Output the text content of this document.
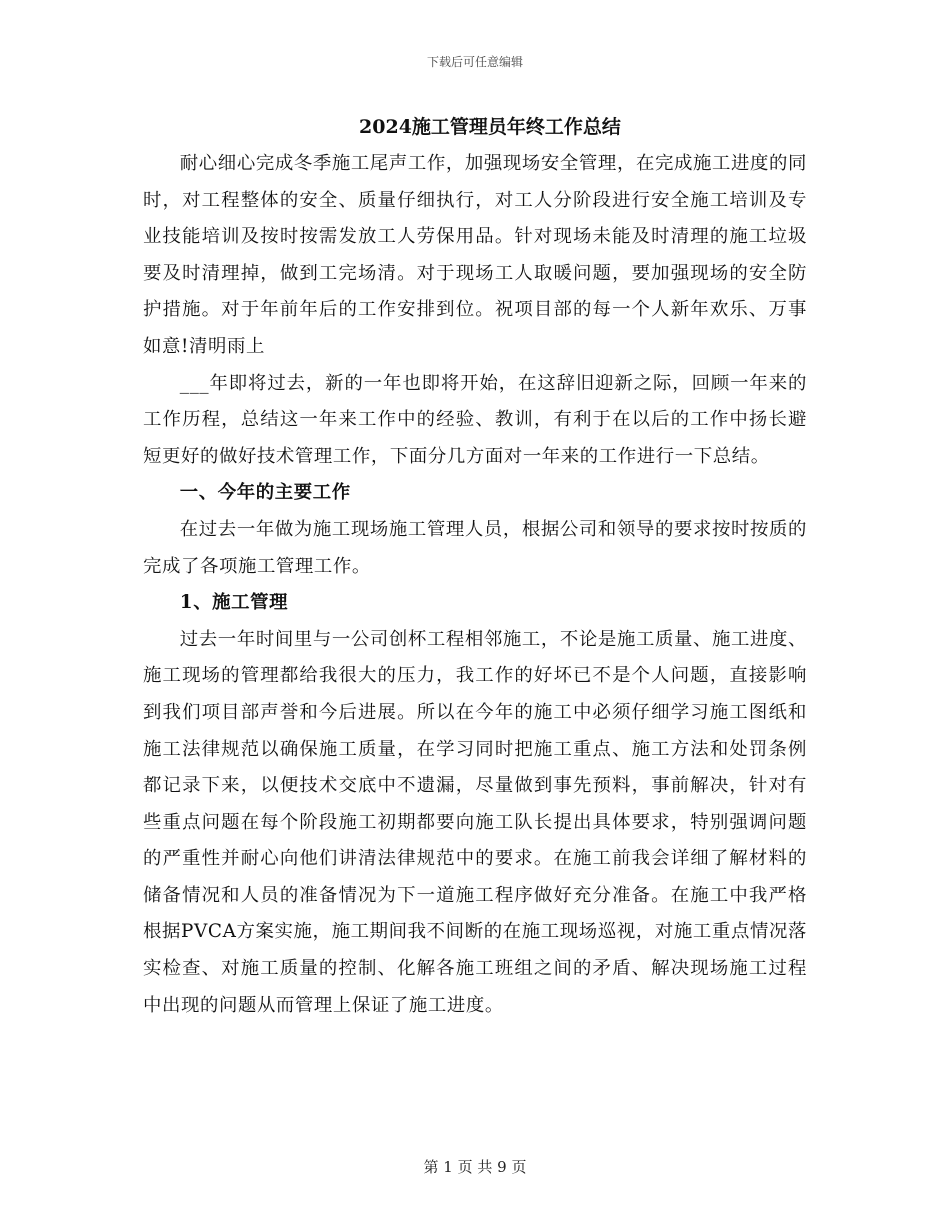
下载后可任意编辑
2024施工管理员年终工作总结

耐心细心完成冬季施工尾声工作，加强现场安全管理，在完成施工进度的同时，对工程整体的安全、质量仔细执行，对工人分阶段进行安全施工培训及专业技能培训及按时按需发放工人劳保用品。针对现场未能及时清理的施工垃圾要及时清理掉，做到工完场清。对于现场工人取暖问题，要加强现场的安全防护措施。对于年前年后的工作安排到位。祝项目部的每一个人新年欢乐、万事如意!清明雨上

___年即将过去，新的一年也即将开始，在这辞旧迎新之际，回顾一年来的工作历程，总结这一年来工作中的经验、教训，有利于在以后的工作中扬长避短更好的做好技术管理工作，下面分几方面对一年来的工作进行一下总结。

一、今年的主要工作

在过去一年做为施工现场施工管理人员，根据公司和领导的要求按时按质的完成了各项施工管理工作。

1、施工管理

过去一年时间里与一公司创杯工程相邻施工，不论是施工质量、施工进度、施工现场的管理都给我很大的压力，我工作的好坏已不是个人问题，直接影响到我们项目部声誉和今后进展。所以在今年的施工中必须仔细学习施工图纸和施工法律规范以确保施工质量，在学习同时把施工重点、施工方法和处罚条例都记录下来，以便技术交底中不遗漏，尽量做到事先预料，事前解决，针对有些重点问题在每个阶段施工初期都要向施工队长提出具体要求，特别强调问题的严重性并耐心向他们讲清法律规范中的要求。在施工前我会详细了解材料的储备情况和人员的准备情况为下一道施工程序做好充分准备。在施工中我严格根据PVCA方案实施，施工期间我不间断的在施工现场巡视，对施工重点情况落实检查、对施工质量的控制、化解各施工班组之间的矛盾、解决现场施工过程中出现的问题从而管理上保证了施工进度。

第 1 页 共 9 页
